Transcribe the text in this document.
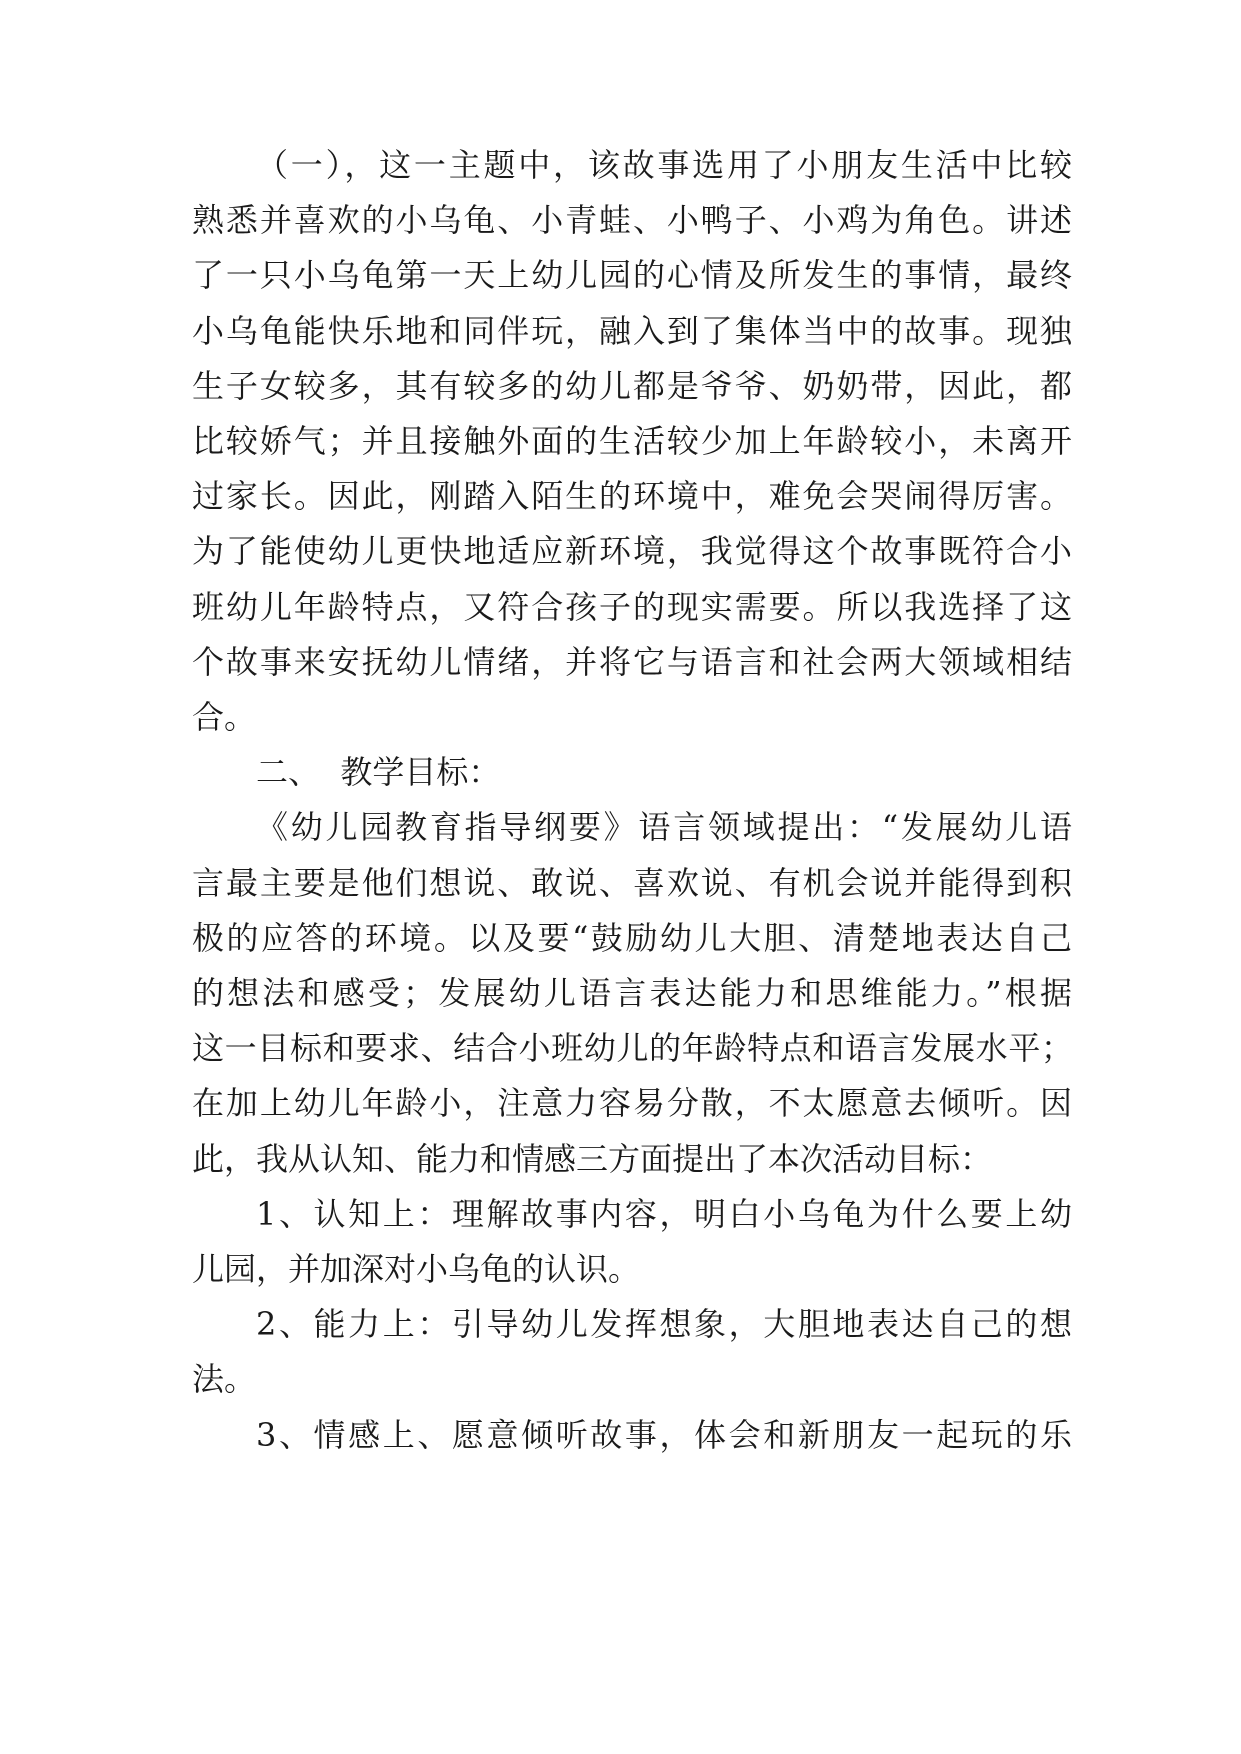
（一），这一主题中，该故事选用了小朋友生活中比较

熟悉并喜欢的小乌龟、小青蛙、小鸭子、小鸡为角色。讲述

了一只小乌龟第一天上幼儿园的心情及所发生的事情，最终

小乌龟能快乐地和同伴玩，融入到了集体当中的故事。现独

生子女较多，其有较多的幼儿都是爷爷、奶奶带，因此，都

比较娇气；并且接触外面的生活较少加上年龄较小，未离开

过家长。因此，刚踏入陌生的环境中，难免会哭闹得厉害。

为了能使幼儿更快地适应新环境，我觉得这个故事既符合小

班幼儿年龄特点，又符合孩子的现实需要。所以我选择了这

个故事来安抚幼儿情绪，并将它与语言和社会两大领域相结

合。

二、  教学目标：

《幼儿园教育指导纲要》语言领域提出：“发展幼儿语

言最主要是他们想说、敢说、喜欢说、有机会说并能得到积

极的应答的环境。以及要“鼓励幼儿大胆、清楚地表达自己

的想法和感受；发展幼儿语言表达能力和思维能力。”根据

这一目标和要求、结合小班幼儿的年龄特点和语言发展水平；

在加上幼儿年龄小，注意力容易分散，不太愿意去倾听。因

此，我从认知、能力和情感三方面提出了本次活动目标：

1、认知上：理解故事内容，明白小乌龟为什么要上幼

儿园，并加深对小乌龟的认识。

2、能力上：引导幼儿发挥想象，大胆地表达自己的想

法。

3、情感上、愿意倾听故事，体会和新朋友一起玩的乐
